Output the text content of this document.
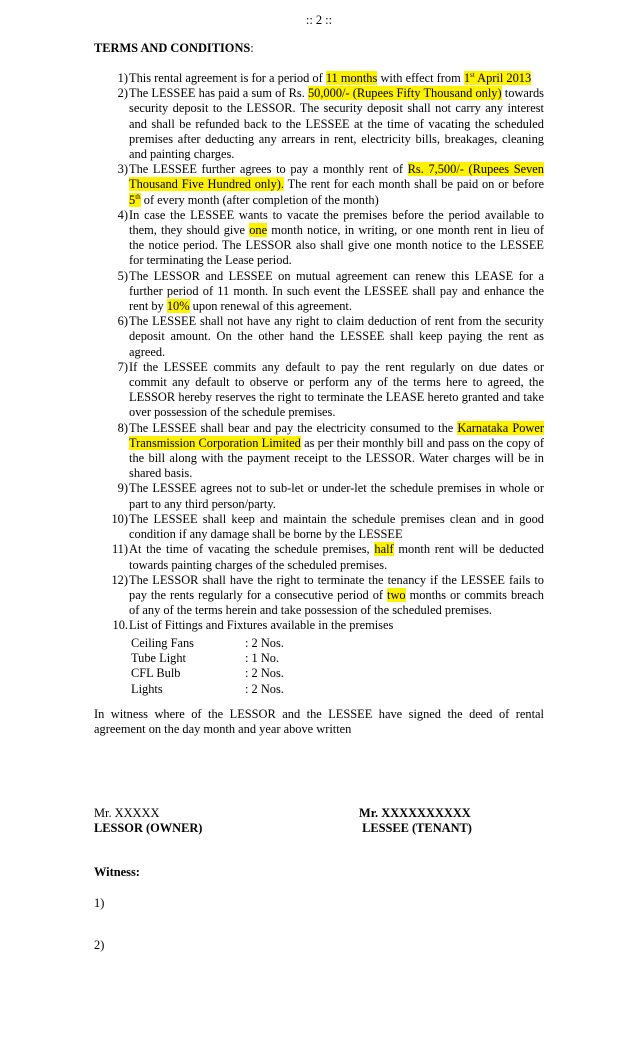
:: 2 ::
TERMS AND CONDITIONS:
1) This rental agreement is for a period of 11 months with effect from 1st April 2013
2) The LESSEE has paid a sum of Rs. 50,000/- (Rupees Fifty Thousand only) towards security deposit to the LESSOR. The security deposit shall not carry any interest and shall be refunded back to the LESSEE at the time of vacating the scheduled premises after deducting any arrears in rent, electricity bills, breakages, cleaning and painting charges.
3) The LESSEE further agrees to pay a monthly rent of Rs. 7,500/- (Rupees Seven Thousand Five Hundred only). The rent for each month shall be paid on or before 5th of every month (after completion of the month)
4) In case the LESSEE wants to vacate the premises before the period available to them, they should give one month notice, in writing, or one month rent in lieu of the notice period. The LESSOR also shall give one month notice to the LESSEE for terminating the Lease period.
5) The LESSOR and LESSEE on mutual agreement can renew this LEASE for a further period of 11 month. In such event the LESSEE shall pay and enhance the rent by 10% upon renewal of this agreement.
6) The LESSEE shall not have any right to claim deduction of rent from the security deposit amount. On the other hand the LESSEE shall keep paying the rent as agreed.
7) If the LESSEE commits any default to pay the rent regularly on due dates or commit any default to observe or perform any of the terms here to agreed, the LESSOR hereby reserves the right to terminate the LEASE hereto granted and take over possession of the schedule premises.
8) The LESSEE shall bear and pay the electricity consumed to the Karnataka Power Transmission Corporation Limited as per their monthly bill and pass on the copy of the bill along with the payment receipt to the LESSOR. Water charges will be in shared basis.
9) The LESSEE agrees not to sub-let or under-let the schedule premises in whole or part to any third person/party.
10) The LESSEE shall keep and maintain the schedule premises clean and in good condition if any damage shall be borne by the LESSEE
11) At the time of vacating the schedule premises, half month rent will be deducted towards painting charges of the scheduled premises.
12) The LESSOR shall have the right to terminate the tenancy if the LESSEE fails to pay the rents regularly for a consecutive period of two months or commits breach of any of the terms herein and take possession of the scheduled premises.
10. List of Fittings and Fixtures available in the premises
Ceiling Fans	: 2 Nos.
Tube Light	: 1 No.
CFL Bulb	: 2 Nos.
Lights	: 2 Nos.
In witness where of the LESSOR and the LESSEE have signed the deed of rental agreement on the day month and year above written
Mr. XXXXX
LESSOR (OWNER)
Mr. XXXXXXXXXX
LESSEE (TENANT)
Witness:
1)
2)
